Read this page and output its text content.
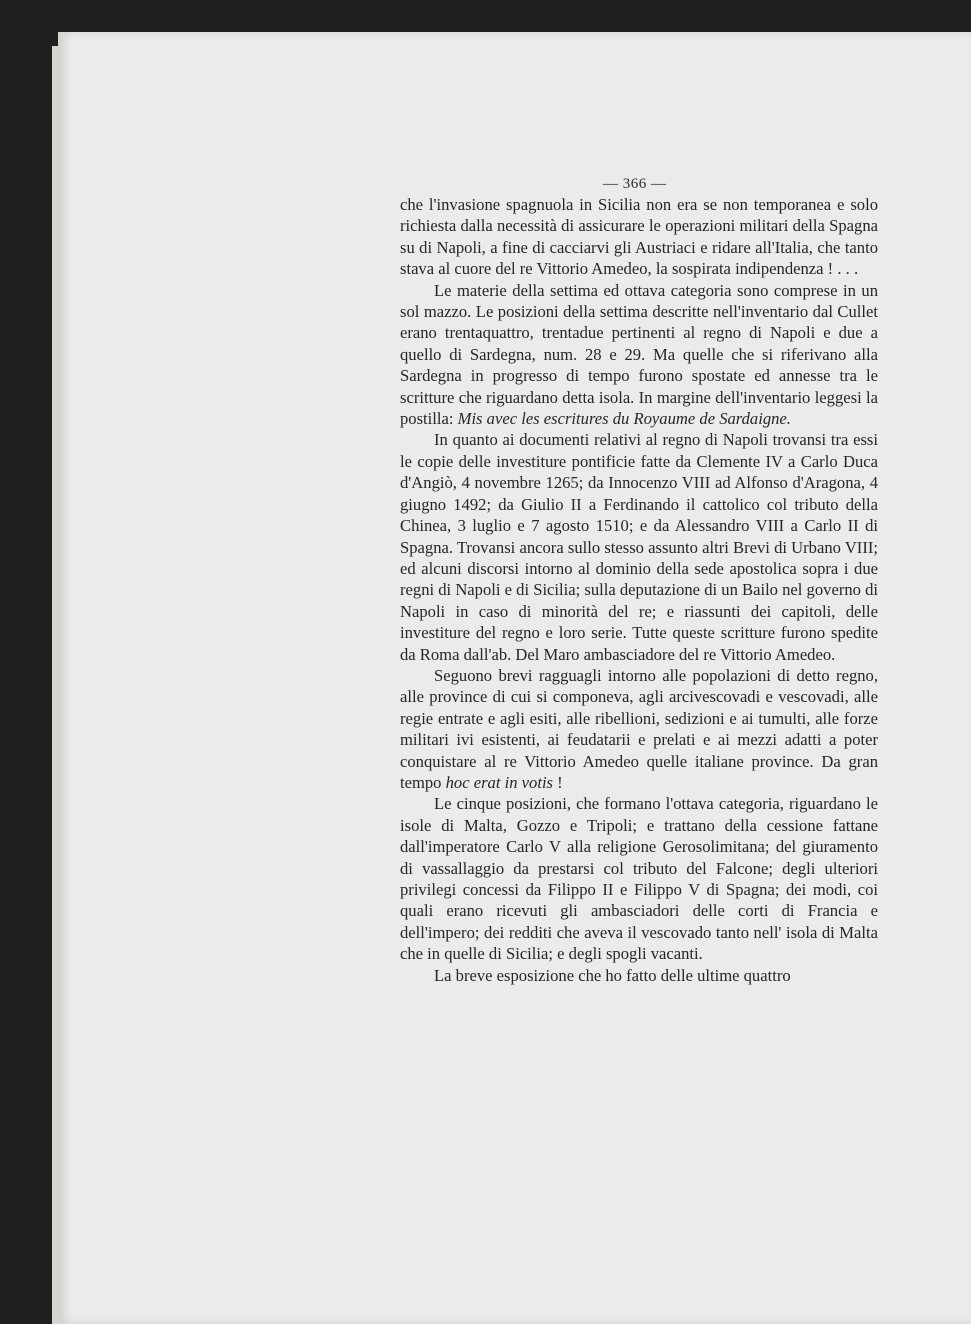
— 366 —

che l'invasione spagnuola in Sicilia non era se non temporanea e solo richiesta dalla necessità di assicurare le operazioni militari della Spagna su di Napoli, a fine di cacciarvi gli Austriaci e ridare all'Italia, che tanto stava al cuore del re Vittorio Amedeo, la sospirata indipendenza ! . . .

Le materie della settima ed ottava categoria sono comprese in un sol mazzo. Le posizioni della settima descritte nell'inventario dal Cullet erano trentaquattro, trentadue pertinenti al regno di Napoli e due a quello di Sardegna, num. 28 e 29. Ma quelle che si riferivano alla Sardegna in progresso di tempo furono spostate ed annesse tra le scritture che riguardano detta isola. In margine dell'inventario leggesi la postilla: Mis avec les escritures du Royaume de Sardaigne.

In quanto ai documenti relativi al regno di Napoli trovansi tra essi le copie delle investiture pontificie fatte da Clemente IV a Carlo Duca d'Angiò, 4 novembre 1265; da Innocenzo VIII ad Alfonso d'Aragona, 4 giugno 1492; da Giulio II a Ferdinando il cattolico col tributo della Chinea, 3 luglio e 7 agosto 1510; e da Alessandro VIII a Carlo II di Spagna. Trovansi ancora sullo stesso assunto altri Brevi di Urbano VIII; ed alcuni discorsi intorno al dominio della sede apostolica sopra i due regni di Napoli e di Sicilia; sulla deputazione di un Bailo nel governo di Napoli in caso di minorità del re; e riassunti dei capitoli, delle investiture del regno e loro serie. Tutte queste scritture furono spedite da Roma dall'ab. Del Maro ambasciadore del re Vittorio Amedeo.

Seguono brevi ragguagli intorno alle popolazioni di detto regno, alle province di cui si componeva, agli arcivescovadi e vescovadi, alle regie entrate e agli esiti, alle ribellioni, sedizioni e ai tumulti, alle forze militari ivi esistenti, ai feudatarii e prelati e ai mezzi adatti a poter conquistare al re Vittorio Amedeo quelle italiane province. Da gran tempo hoc erat in votis !

Le cinque posizioni, che formano l'ottava categoria, riguardano le isole di Malta, Gozzo e Tripoli; e trattano della cessione fattane dall'imperatore Carlo V alla religione Gerosolimitana; del giuramento di vassallaggio da prestarsi col tributo del Falcone; degli ulteriori privilegi concessi da Filippo II e Filippo V di Spagna; dei modi, coi quali erano ricevuti gli ambasciadori delle corti di Francia e dell'impero; dei redditi che aveva il vescovado tanto nell' isola di Malta che in quelle di Sicilia; e degli spogli vacanti.

La breve esposizione che ho fatto delle ultime quattro
